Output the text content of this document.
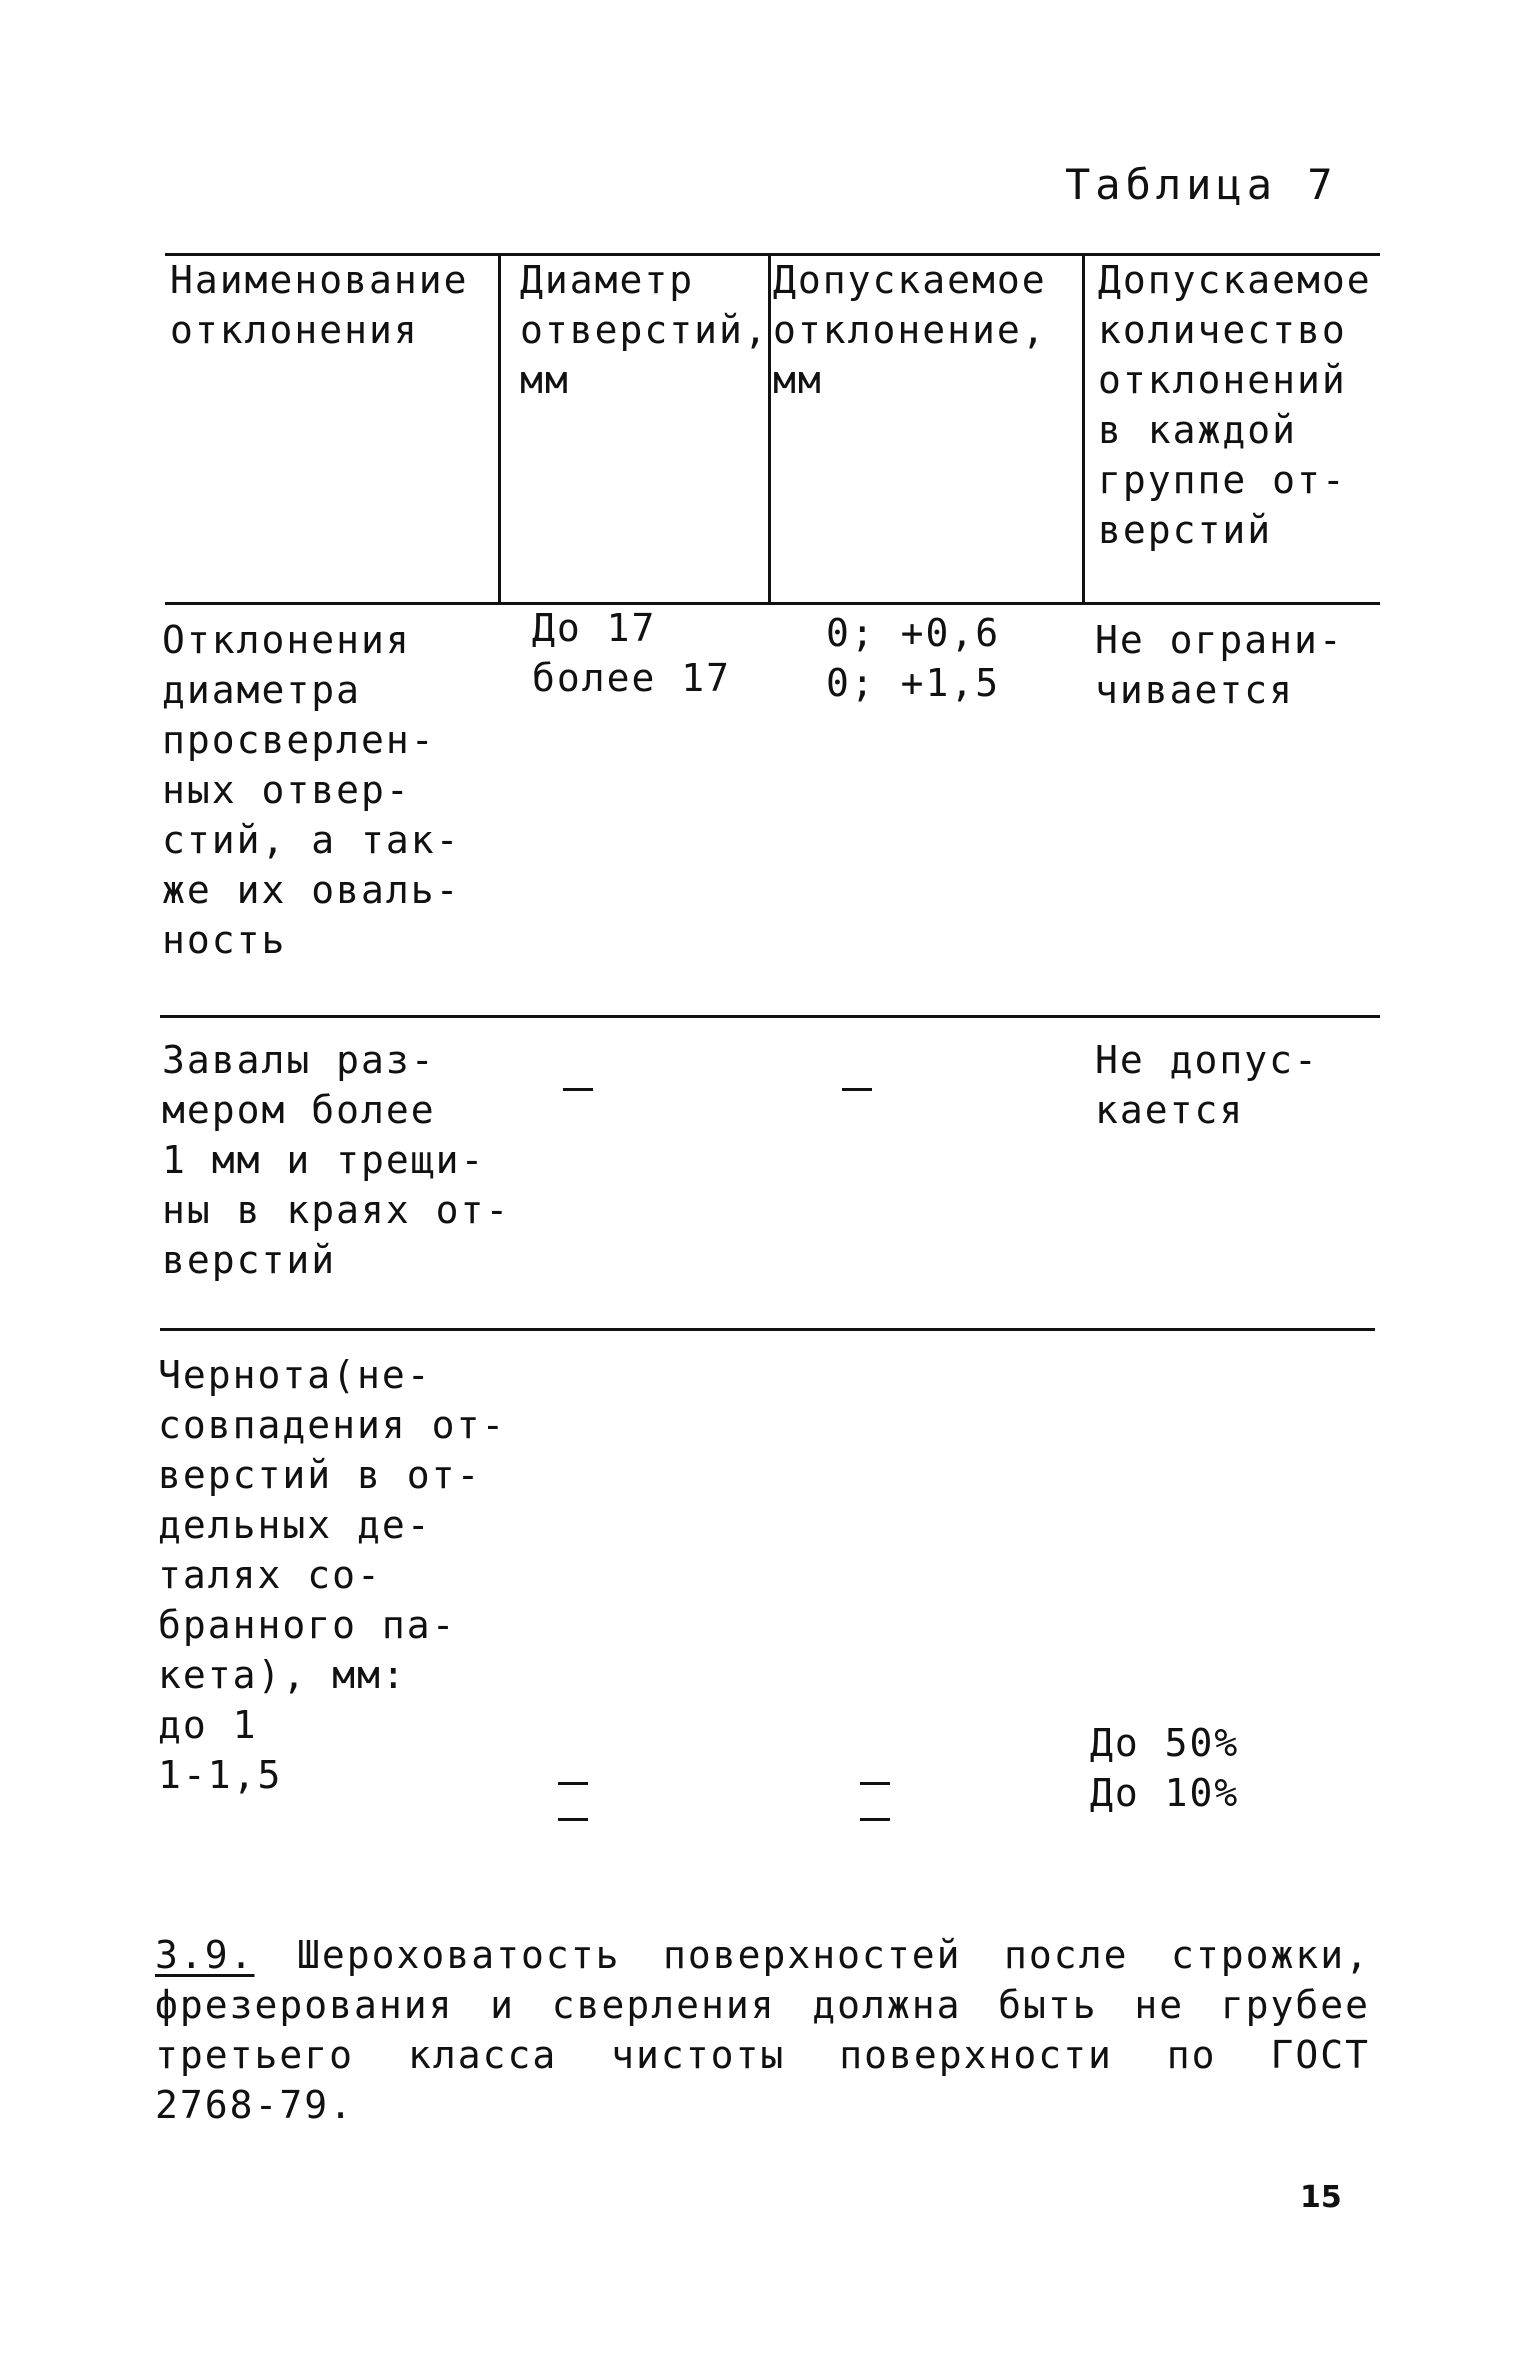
Таблица 7
Наименование
отклонения
Диаметр
отверстий,
мм
Допускаемое
отклонение,
мм
Допускаемое
количество
отклонений
в каждой
группе от-
верстий
Отклонения
диаметра
просверлен-
ных отвер-
стий, а так-
же их оваль-
ность
До 17
более 17
0; +0,6
0; +1,5
Не ограни-
чивается
Завалы раз-
мером более
1 мм и трещи-
ны в краях от-
верстий
Не допус-
кается
Чернота(не-
совпадения от-
верстий в от-
дельных де-
талях со-
бранного па-
кета), мм:
до 1
1-1,5
До 50%
До 10%
3.9. Шероховатость поверхностей после строжки, фрезерования и сверления должна быть не грубее третьего класса чистоты поверхности по ГОСТ 2768-79.
15
